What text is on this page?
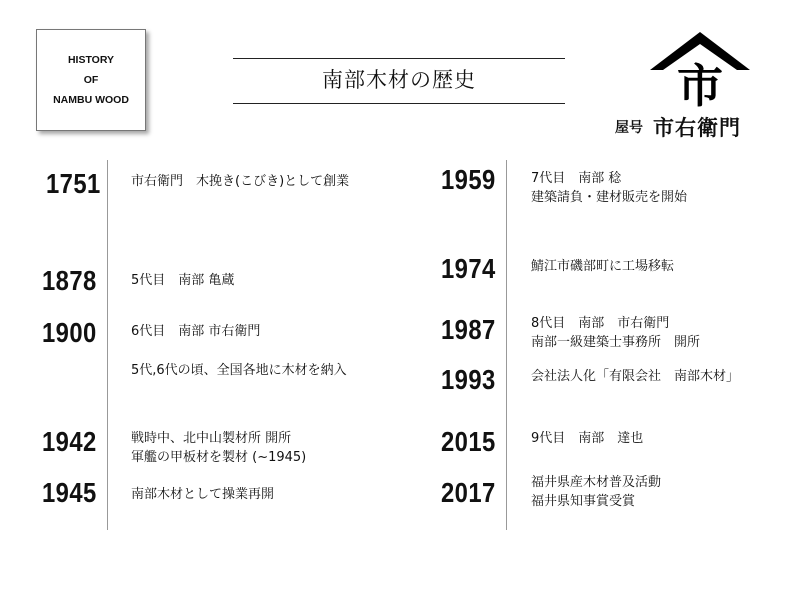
HISTORY
OF
NAMBU WOOD
南部木材の歴史	市
屋号 市右衛門
1751 市右衛門　木挽き(こびき)として創業
1878	5代目　南部 亀蔵
1900	6代目　南部 市右衛門
5代,6代の頃、全国各地に木材を納入
1942	戦時中、北中山製材所 開所
軍艦の甲板材を製材 (~1945)
1945	南部木材として操業再開
1959	7代目　南部 稔
建築請負・建材販売を開始
1974	鯖江市磯部町に工場移転
1987	8代目　南部　市右衛門
南部一級建築士事務所　開所
1993	会社法人化「有限会社　南部木材」
2015	9代目　南部　達也
2017	福井県産木材普及活動
福井県知事賞受賞
